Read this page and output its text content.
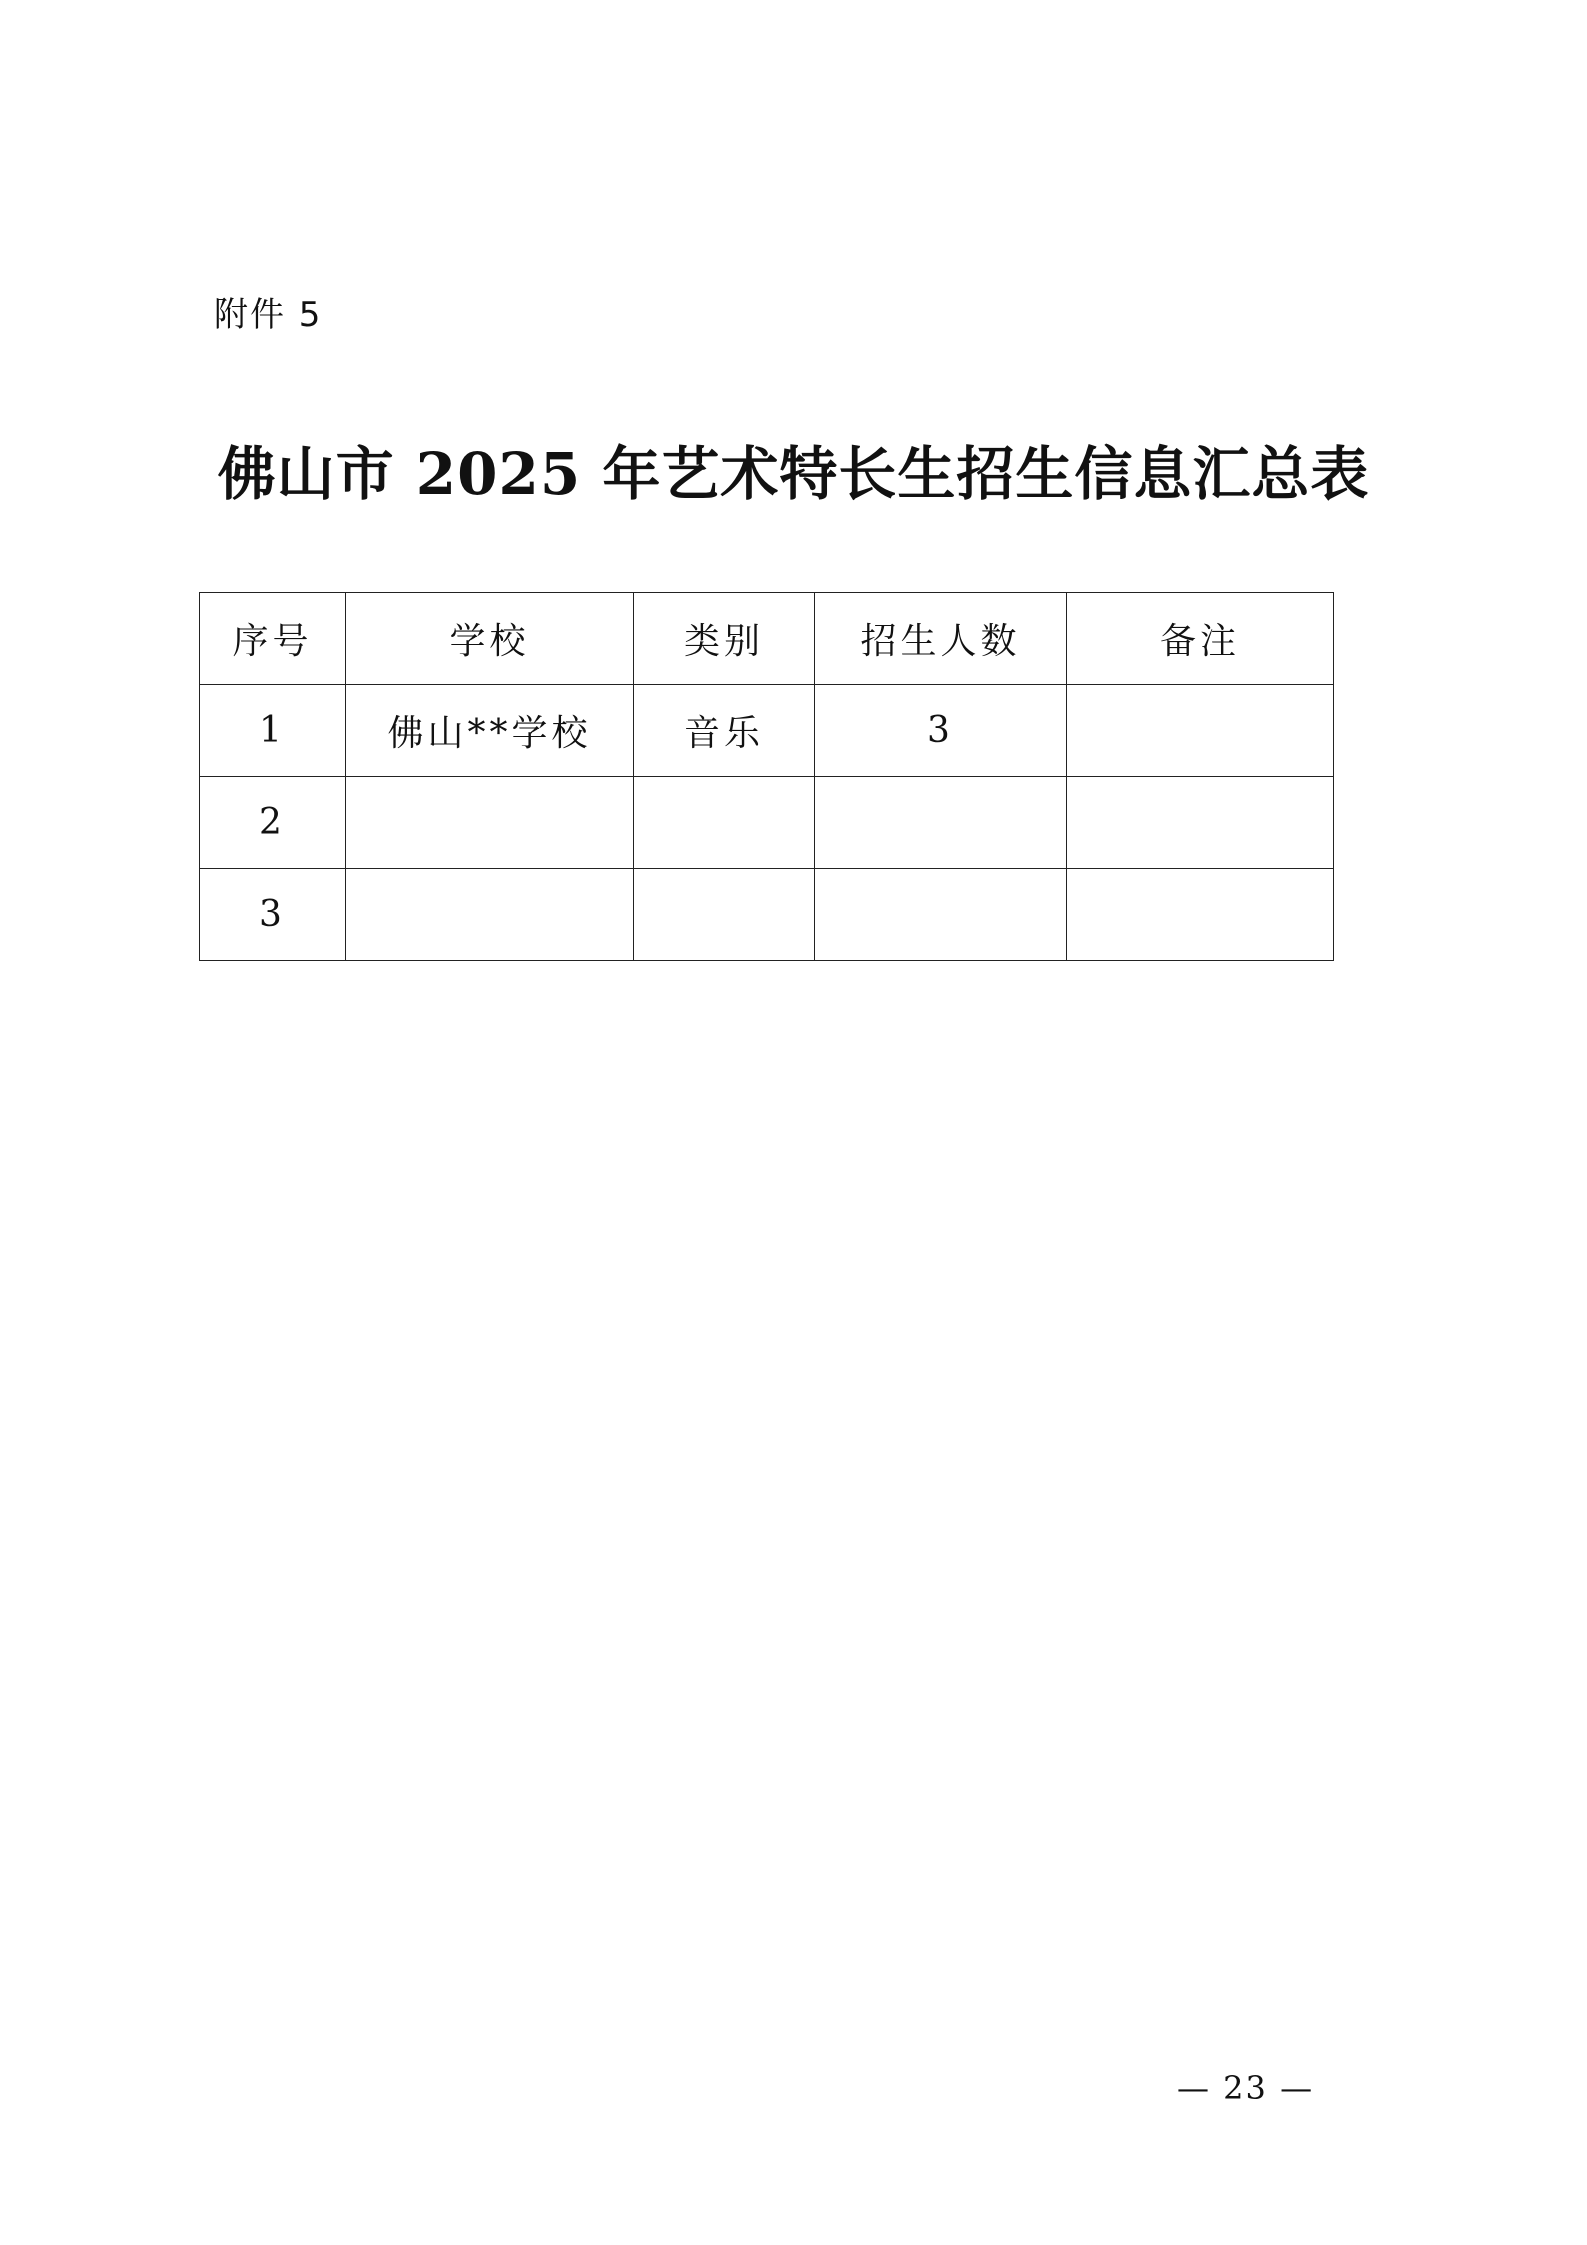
附件 5
佛山市 2025 年艺术特长生招生信息汇总表
序号	学校	类别	招生人数	备注
1	佛山**学校	音乐	3	
2				
3				
— 23 —
